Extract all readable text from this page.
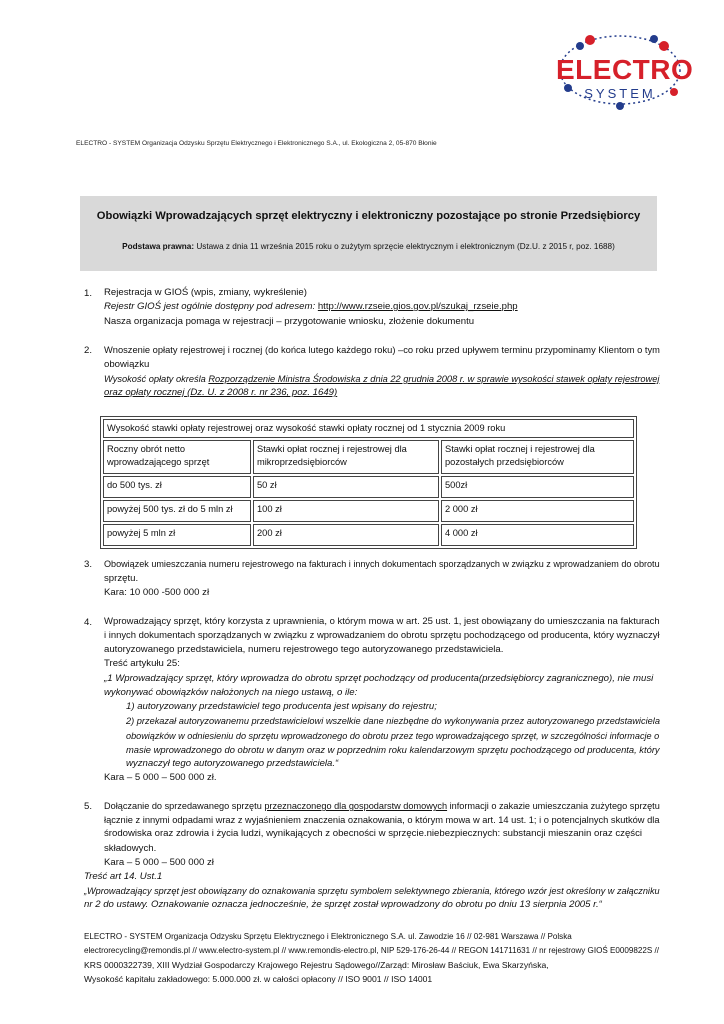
ELECTRO
SYSTEM
ELECTRO - SYSTEM Organizacja Odzysku Sprzętu Elektrycznego i Elektronicznego S.A., ul. Ekologiczna 2, 05-870 Błonie
Obowiązki Wprowadzających sprzęt elektryczny i elektroniczny pozostające po stronie Przedsiębiorcy
Podstawa prawna: Ustawa z dnia 11 września 2015 roku o zużytym sprzęcie elektrycznym i elektronicznym (Dz.U. z 2015 r, poz. 1688)
1. Rejestracja w GIOŚ (wpis, zmiany, wykreślenie)
Rejestr GIOŚ jest ogólnie dostępny pod adresem: http://www.rzseie.gios.gov.pl/szukaj_rzseie.php
Nasza organizacja pomaga w rejestracji – przygotowanie wniosku, złożenie dokumentu
2. Wnoszenie opłaty rejestrowej i rocznej (do końca lutego każdego roku) –co roku przed upływem terminu przypominamy Klientom o tym
obowiązku
Wysokość opłaty określa Rozporządzenie Ministra Środowiska z dnia 22 grudnia 2008 r. w sprawie wysokości stawek opłaty rejestrowej
oraz opłaty rocznej (Dz. U. z 2008 r. nr 236, poz. 1649)
Wysokość stawki opłaty rejestrowej oraz wysokość stawki opłaty rocznej od 1 stycznia 2009 roku		
Roczny obrót netto wprowadzającego sprzęt	Stawki opłat rocznej i rejestrowej dla mikroprzedsiębiorców	Stawki opłat rocznej i rejestrowej dla pozostałych przedsiębiorców
do 500 tys. zł	50 zł	500zł
powyżej 500 tys. zł do 5 mln zł	100 zł	2 000 zł
powyżej 5 mln zł	200 zł	4 000 zł
3. Obowiązek umieszczania numeru rejestrowego na fakturach i innych dokumentach sporządzanych w związku z wprowadzaniem do obrotu
sprzętu.
Kara: 10 000 -500 000 zł
4. Wprowadzający sprzęt, który korzysta z uprawnienia, o którym mowa w art. 25 ust. 1, jest obowiązany do umieszczania na fakturach
i innych dokumentach sporządzanych w związku z wprowadzaniem do obrotu sprzętu pochodzącego od producenta, który wyznaczył
autoryzowanego przedstawiciela, numeru rejestrowego tego autoryzowanego przedstawiciela.
Treść artykułu 25:
„1 Wprowadzający sprzęt, który wprowadza do obrotu sprzęt pochodzący od producenta(przedsiębiorcy zagranicznego), nie musi
wykonywać obowiązków nałożonych na niego ustawą, o ile:
1) autoryzowany przedstawiciel tego producenta jest wpisany do rejestru;
2) przekazał autoryzowanemu przedstawicielowi wszelkie dane niezbędne do wykonywania przez autoryzowanego przedstawiciela
obowiązków w odniesieniu do sprzętu wprowadzonego do obrotu przez tego wprowadzającego sprzęt, w szczególności informacje o
masie wprowadzonego do obrotu w danym oraz w poprzednim roku kalendarzowym sprzętu pochodzącego od producenta, który
wyznaczył tego autoryzowanego przedstawiciela.“
Kara – 5 000 – 500 000 zł.
5. Dołączanie do sprzedawanego sprzętu przeznaczonego dla gospodarstw domowych informacji o zakazie umieszczania zużytego sprzętu
łącznie z innymi odpadami wraz z wyjaśnieniem znaczenia oznakowania, o którym mowa w art. 14 ust. 1; i o potencjalnych skutków dla
środowiska oraz zdrowia i życia ludzi, wynikających z obecności w sprzęcie.niebezpiecznych: substancji mieszanin oraz części
składowych.
Kara – 5 000 – 500 000 zł
Treść art 14. Ust.1
„Wprowadzający sprzęt jest obowiązany do oznakowania sprzętu symbolem selektywnego zbierania, którego wzór jest określony w załączniku
nr 2 do ustawy. Oznakowanie oznacza jednocześnie, że sprzęt został wprowadzony do obrotu po dniu 13 sierpnia 2005 r.“
ELECTRO - SYSTEM Organizacja Odzysku Sprzętu Elektrycznego i Elektronicznego S.A. ul. Zawodzie 16 // 02-981 Warszawa // Polska
electrorecycling@remondis.pl // www.electro-system.pl // www.remondis-electro.pl, NIP 529-176-26-44 // REGON 141711631 // nr rejestrowy GIOŚ E0009822S //
KRS 0000322739, XIII Wydział Gospodarczy Krajowego Rejestru Sądowego//Zarząd: Mirosław Baściuk, Ewa Skarzyńska,
Wysokość kapitału zakładowego: 5.000.000 zł. w całości opłacony // ISO 9001 // ISO 14001
